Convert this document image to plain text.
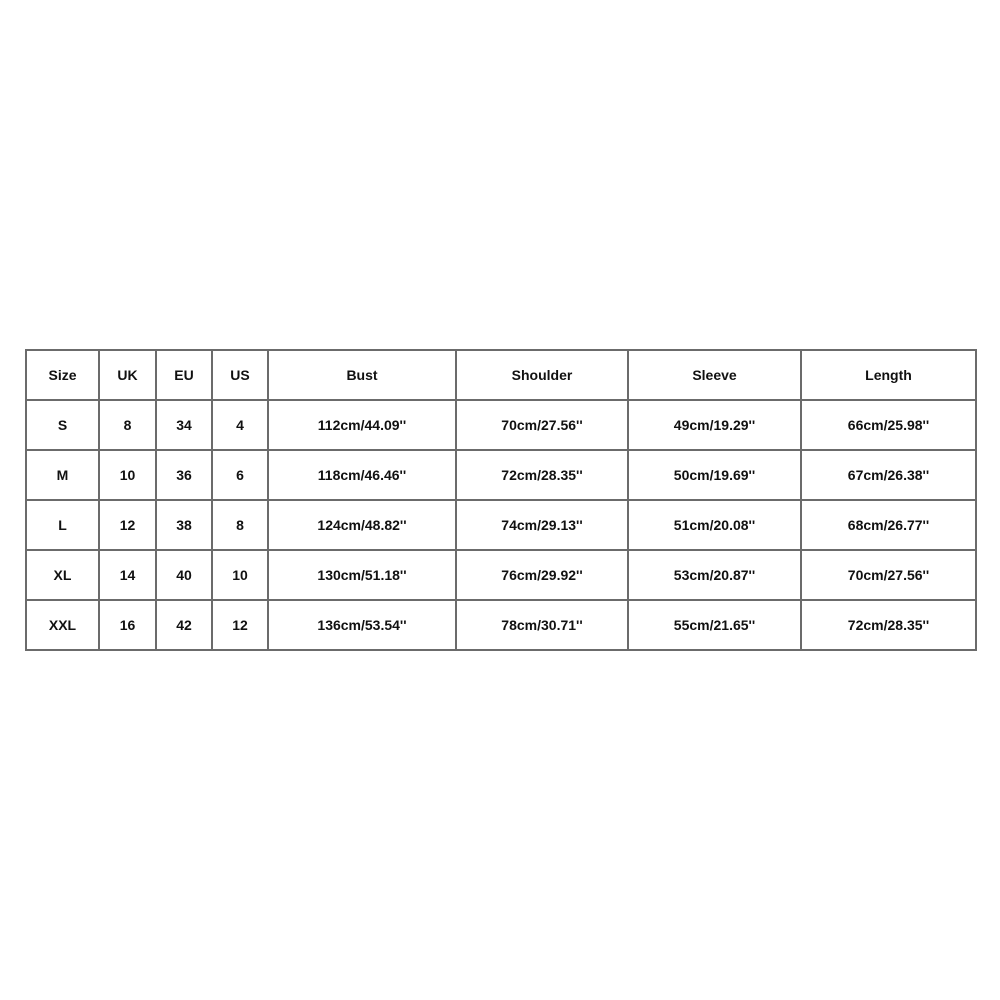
Size	UK	EU	US	Bust	Shoulder	Sleeve	Length
S	8	34	4	112cm/44.09''	70cm/27.56''	49cm/19.29''	66cm/25.98''
M	10	36	6	118cm/46.46''	72cm/28.35''	50cm/19.69''	67cm/26.38''
L	12	38	8	124cm/48.82''	74cm/29.13''	51cm/20.08''	68cm/26.77''
XL	14	40	10	130cm/51.18''	76cm/29.92''	53cm/20.87''	70cm/27.56''
XXL	16	42	12	136cm/53.54''	78cm/30.71''	55cm/21.65''	72cm/28.35''
